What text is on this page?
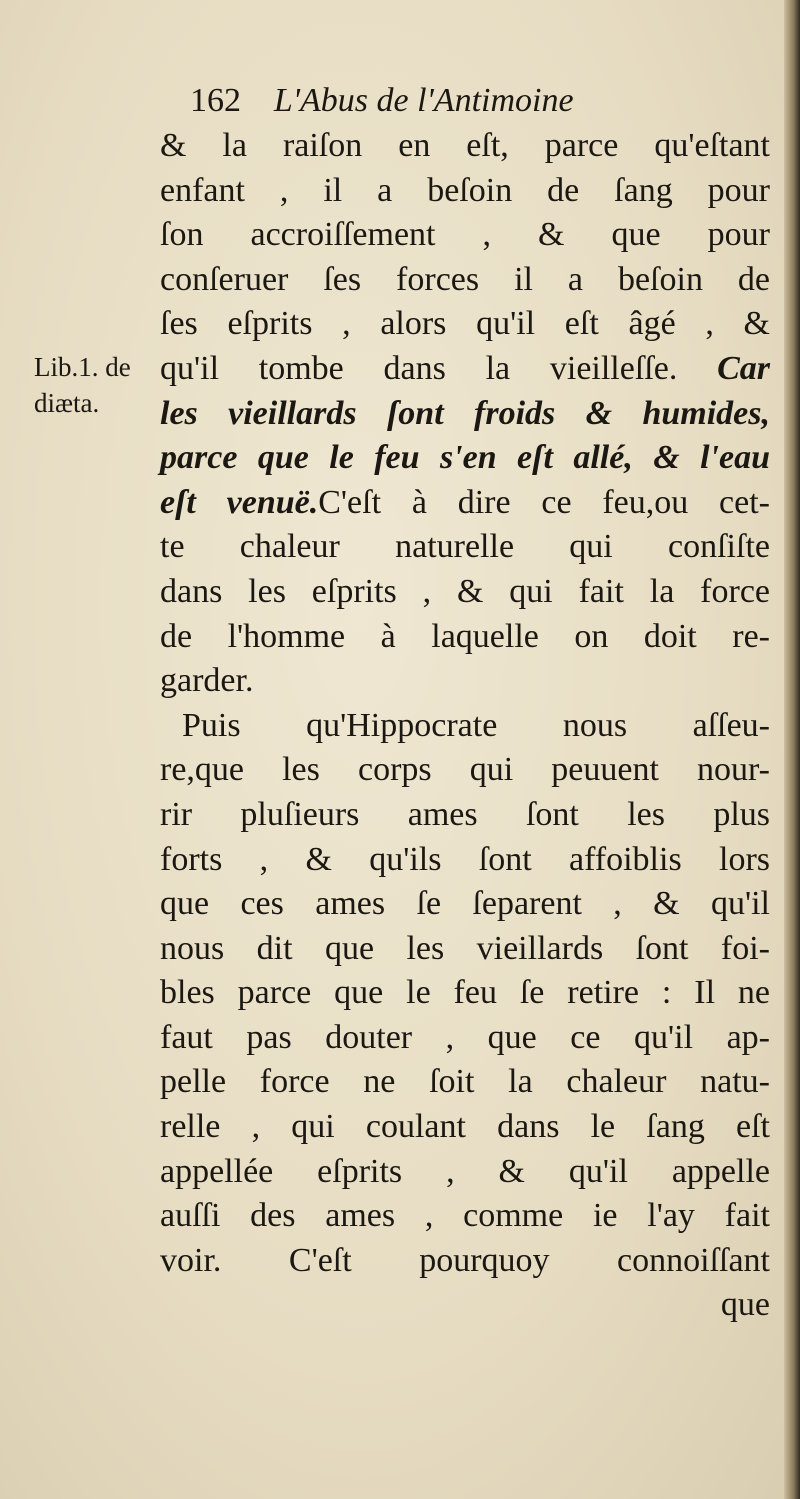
162 L'Abus de l'Antimoine
Lib.1. de
diæta.
& la raiſon en eſt, parce qu'eſtant
enfant , il a beſoin de ſang pour
ſon accroiſſement , & que pour
conſeruer ſes forces il a beſoin de
ſes eſprits , alors qu'il eſt âgé , &
qu'il tombe dans la vieilleſſe. Car
les vieillards ſont froids & humides,
parce que le feu s'en eſt allé, & l'eau
eſt venuë.C'eſt à dire ce feu,ou cet-
te chaleur naturelle qui conſiſte
dans les eſprits , & qui fait la force
de l'homme à laquelle on doit re-
garder.
Puis qu'Hippocrate nous aſſeu-
re,que les corps qui peuuent nour-
rir pluſieurs ames ſont les plus
forts , & qu'ils ſont affoiblis lors
que ces ames ſe ſeparent , & qu'il
nous dit que les vieillards ſont foi-
bles parce que le feu ſe retire : Il ne
faut pas douter , que ce qu'il ap-
pelle force ne ſoit la chaleur natu-
relle , qui coulant dans le ſang eſt
appellée eſprits , & qu'il appelle
auſſi des ames , comme ie l'ay fait
voir. C'eſt pourquoy connoiſſant
que
